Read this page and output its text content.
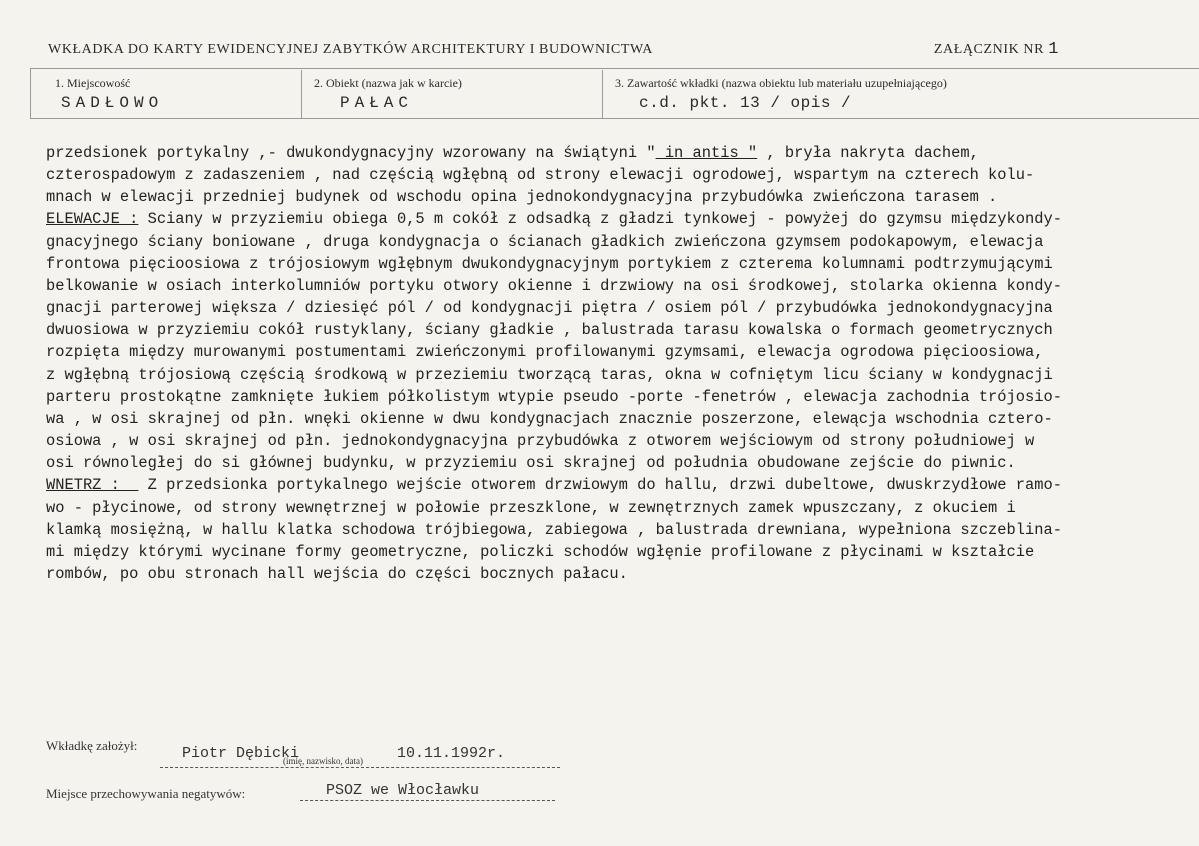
WKŁADKA DO KARTY EWIDENCYJNEJ ZABYTKÓW ARCHITEKTURY I BUDOWNICTWA	ZAŁĄCZNIK NR 1
1. Miejscowość
SADŁOWO
2. Obiekt (nazwa jak w karcie)
PAŁAC
3. Zawartość wkładki (nazwa obiektu lub materiału uzupełniającego)
c.d. pkt. 13 / opis /
przedsionek portykalny ,- dwukondygnacyjny wzorowany na świątyni " in antis " , bryła nakryta dachem,
czterospadowym z zadaszeniem , nad częścią wgłębną od strony elewacji ogrodowej, wspartym na czterech kolu-
mnach w elewacji przedniej budynek od wschodu opina jednokondygnacyjna przybudówka zwieńczona tarasem .
ELEWACJE : Sciany w przyziemiu obiega 0,5 m cokół z odsadką z gładzi tynkowej - powyżej do gzymsu międzykondy-
gnacyjnego ściany boniowane , druga kondygnacja o ścianach gładkich zwieńczona gzymsem podokapowym, elewacja
frontowa pięcioosiowa z trójosiowym wgłębnym dwukondygnacyjnym portykiem z czterema kolumnami podtrzymującymi
belkowanie w osiach interkolumniów portyku otwory okienne i drzwiowy na osi środkowej, stolarka okienna kondy-
gnacji parterowej większa / dziesięć pól / od kondygnacji piętra / osiem pól / przybudówka jednokondygnacyjna
dwuosiowa w przyziemiu cokół rustyklany, ściany gładkie , balustrada tarasu kowalska o formach geometrycznych
rozpięta między murowanymi postumentami zwieńczonymi profilowanymi gzymsami, elewacja ogrodowa pięcioosiowa,
z wgłębną trójosiową częścią środkową w przeziemiu tworzącą taras, okna w cofniętym licu ściany w kondygnacji
parteru prostokątne zamknięte łukiem półkolistym wtypie pseudo -porte -fenetrów , elewacja zachodnia trójosio-
wa , w osi skrajnej od płn. wnęki okienne w dwu kondygnacjach znacznie poszerzone, elewącja wschodnia cztero-
osiowa , w osi skrajnej od płn. jednokondygnacyjna przybudówka z otworem wejściowym od strony południowej w
osi równoległej do si głównej budynku, w przyziemiu osi skrajnej od południa obudowane zejście do piwnic.
WNETRZ :   Z przedsionka portykalnego wejście otworem drzwiowym do hallu, drzwi dubeltowe, dwuskrzydłowe ramo-
wo - płycinowe, od strony wewnętrznej w połowie przeszklone, w zewnętrznych zamek wpuszczany, z okuciem i
klamką mosiężną, w hallu klatka schodowa trójbiegowa, zabiegowa , balustrada drewniana, wypełniona szczeblina-
mi między którymi wycinane formy geometryczne, policzki schodów wgłęnie profilowane z płycinami w kształcie
rombów, po obu stronach hall wejścia do części bocznych pałacu.
Wkładkę założył:	Piotr Dębicki
(imię, nazwisko, data) 10.11.1992r.
Miejsce przechowywania negatywów:	PSOZ we Włocławku
